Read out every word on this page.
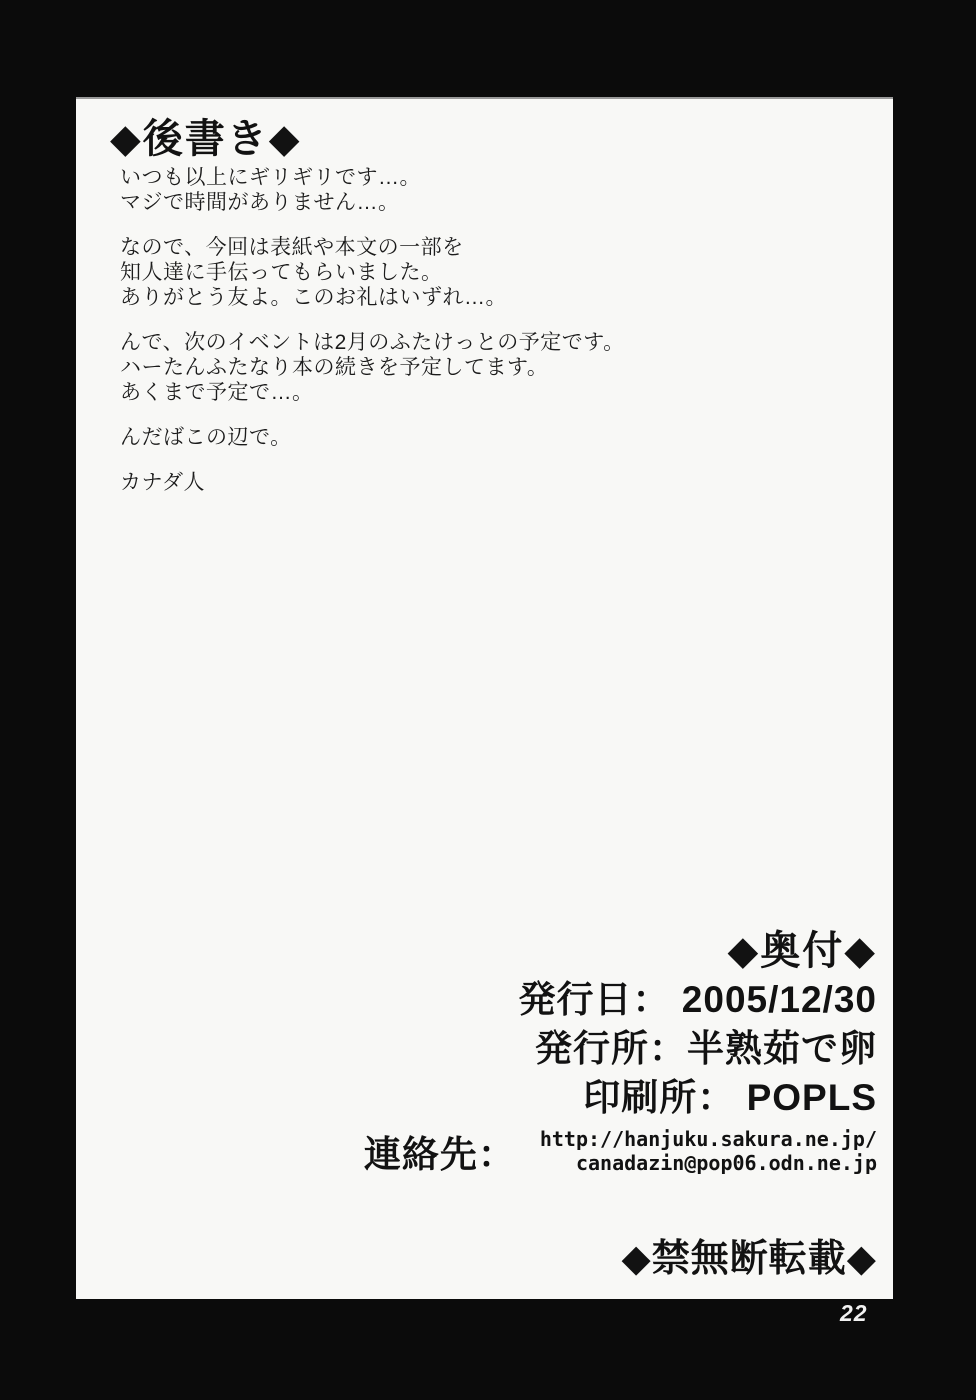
◆後書き◆
いつも以上にギリギリです…。
マジで時間がありません…。
なので、今回は表紙や本文の一部を
知人達に手伝ってもらいました。
ありがとう友よ。このお礼はいずれ…。
んで、次のイベントは2月のふたけっとの予定です。
ハーたんふたなり本の続きを予定してます。
あくまで予定で…。
んだばこの辺で。
カナダ人
◆奥付◆
発行日： 2005/12/30
発行所：半熟茹で卵
印刷所： POPLS
連絡先： http://hanjuku.sakura.ne.jp/
canadazin@pop06.odn.ne.jp
◆禁無断転載◆
22
